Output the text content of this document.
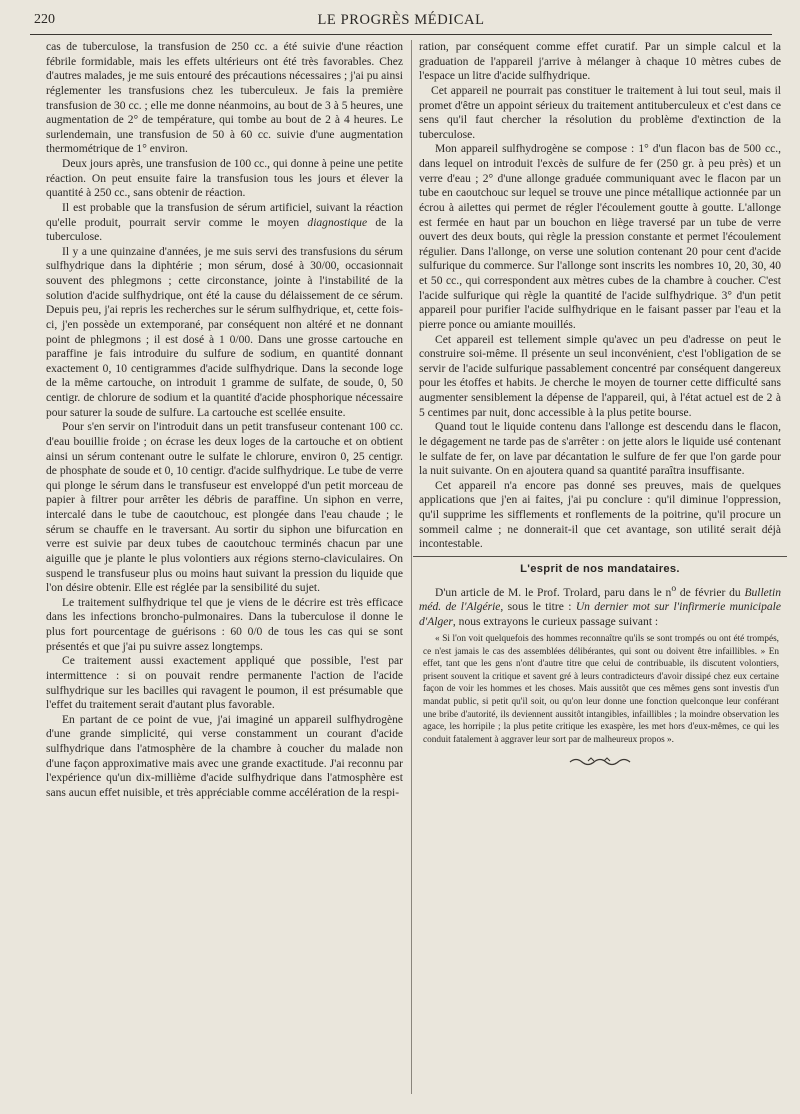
220	LE PROGRÈS MÉDICAL

cas de tuberculose, la transfusion de 250 cc. a été suivie d'une réaction fébrile formidable, mais les effets ultérieurs ont été très favorables. Chez d'autres malades, je me suis entouré des précautions nécessaires ; j'ai pu ainsi réglementer les transfusions chez les tuberculeux. Je fais la première transfusion de 30 cc. ; elle me donne néanmoins, au bout de 3 à 5 heures, une augmentation de 2° de température, qui tombe au bout de 2 à 4 heures. Le surlendemain, une transfusion de 50 à 60 cc. suivie d'une augmentation thermométrique de 1° environ.

Deux jours après, une transfusion de 100 cc., qui donne à peine une petite réaction. On peut ensuite faire la transfusion tous les jours et élever la quantité à 250 cc., sans obtenir de réaction.

Il est probable que la transfusion de sérum artificiel, suivant la réaction qu'elle produit, pourrait servir comme le moyen diagnostique de la tuberculose.

Il y a une quinzaine d'années, je me suis servi des transfusions du sérum sulfhydrique dans la diphtérie ; mon sérum, dosé à 30/00, occasionnait souvent des phlegmons ; cette circonstance, jointe à l'instabilité de la solution d'acide sulfhydrique, ont été la cause du délaissement de ce sérum. Depuis peu, j'ai repris les recherches sur le sérum sulfhydrique, et, cette fois-ci, j'en possède un extemporané, par conséquent non altéré et ne donnant point de phlegmons ; il est dosé à 1 0/00. Dans une grosse cartouche en paraffine je fais introduire du sulfure de sodium, en quantité donnant exactement 0, 10 centigrammes d'acide sulfhydrique. Dans la seconde loge de la même cartouche, on introduit 1 gramme de sulfate, de soude, 0, 50 centigr. de chlorure de sodium et la quantité d'acide phosphorique nécessaire pour saturer la soude de sulfure. La cartouche est scellée ensuite.

Pour s'en servir on l'introduit dans un petit transfuseur contenant 100 cc. d'eau bouillie froide ; on écrase les deux loges de la cartouche et on obtient ainsi un sérum contenant outre le sulfate le chlorure, environ 0, 25 centigr. de phosphate de soude et 0, 10 centigr. d'acide sulfhydrique. Le tube de verre qui plonge le sérum dans le transfuseur est enveloppé d'un petit morceau de papier à filtrer pour arrêter les débris de paraffine. Un siphon en verre, intercalé dans le tube de caoutchouc, est plongée dans l'eau chaude ; le sérum se chauffe en le traversant. Au sortir du siphon une bifurcation en verre est suivie par deux tubes de caoutchouc terminés chacun par une aiguille que je plante le plus volontiers aux régions sterno-claviculaires. On suspend le transfuseur plus ou moins haut suivant la pression du liquide que l'on désire obtenir. Elle est réglée par la sensibilité du sujet.

Le traitement sulfhydrique tel que je viens de le décrire est très efficace dans les infections broncho-pulmonaires. Dans la tuberculose il donne le plus fort pourcentage de guérisons : 60 0/0 de tous les cas qui se sont présentés et que j'ai pu suivre assez longtemps.

Ce traitement aussi exactement appliqué que possible, l'est par intermittence : si on pouvait rendre permanente l'action de l'acide sulfhydrique sur les bacilles qui ravagent le poumon, il est présumable que l'effet du traitement serait d'autant plus favorable.

En partant de ce point de vue, j'ai imaginé un appareil sulfhydrogène d'une grande simplicité, qui verse constamment un courant d'acide sulfhydrique dans l'atmosphère de la chambre à coucher du malade non d'une façon approximative mais avec une grande exactitude. J'ai reconnu par l'expérience qu'un dix-millième d'acide sulfhydrique dans l'atmosphère est sans aucun effet nuisible, et très appréciable comme accélération de la respi-

ration, par conséquent comme effet curatif. Par un simple calcul et la graduation de l'appareil j'arrive à mélanger à chaque 10 mètres cubes de l'espace un litre d'acide sulfhydrique.

Cet appareil ne pourrait pas constituer le traitement à lui tout seul, mais il promet d'être un appoint sérieux du traitement antituberculeux et c'est dans ce sens qu'il faut chercher la résolution du problème d'extinction de la tuberculose.

Mon appareil sulfhydrogène se compose : 1° d'un flacon bas de 500 cc., dans lequel on introduit l'excès de sulfure de fer (250 gr. à peu près) et un verre d'eau ; 2° d'une allonge graduée communiquant avec le flacon par un tube en caoutchouc sur lequel se trouve une pince métallique actionnée par un écrou à ailettes qui permet de régler l'écoulement goutte à goutte. L'allonge est fermée en haut par un bouchon en liège traversé par un tube de verre ouvert des deux bouts, qui règle la pression constante et permet l'écoulement régulier. Dans l'allonge, on verse une solution contenant 20 pour cent d'acide sulfurique du commerce. Sur l'allonge sont inscrits les nombres 10, 20, 30, 40 et 50 cc., qui correspondent aux mètres cubes de la chambre à coucher. C'est l'acide sulfurique qui règle la quantité de l'acide sulfhydrique. 3° d'un petit appareil pour purifier l'acide sulfhydrique en le faisant passer par l'eau et la pierre ponce ou amiante mouillés.

Cet appareil est tellement simple qu'avec un peu d'adresse on peut le construire soi-même. Il présente un seul inconvénient, c'est l'obligation de se servir de l'acide sulfurique passablement concentré par conséquent dangereux pour les étoffes et habits. Je cherche le moyen de tourner cette difficulté sans augmenter sensiblement la dépense de l'appareil, qui, à l'état actuel est de 2 à 5 centimes par nuit, donc accessible à la plus petite bourse.

Quand tout le liquide contenu dans l'allonge est descendu dans le flacon, le dégagement ne tarde pas de s'arrêter : on jette alors le liquide usé contenant le sulfate de fer, on lave par décantation le sulfure de fer que l'on garde pour la nuit suivante. On en ajoutera quand sa quantité paraîtra insuffisante.

Cet appareil n'a encore pas donné ses preuves, mais de quelques applications que j'en ai faites, j'ai pu conclure : qu'il diminue l'oppression, qu'il supprime les sifflements et ronflements de la poitrine, qu'il procure un sommeil calme ; ne donnerait-il que cet avantage, son utilité serait déjà incontestable.

L'esprit de nos mandataires.

D'un article de M. le Prof. Trolard, paru dans le $n^o$ de février du Bulletin méd. de l'Algérie, sous le titre : Un dernier mot sur l'infirmerie municipale d'Alger, nous extrayons le curieux passage suivant :

« Si l'on voit quelquefois des hommes reconnaître qu'ils se sont trompés ou ont été trompés, ce n'est jamais le cas des assemblées délibérantes, qui sont ou doivent être infaillibles. » En effet, tant que les gens n'ont d'autre titre que celui de contribuable, ils discutent volontiers, prisent souvent la critique et savent gré à leurs contradicteurs d'avoir dissipé chez eux certaine façon de voir les hommes et les choses. Mais aussitôt que ces mêmes gens sont investis d'un mandat public, si petit qu'il soit, ou qu'on leur donne une fonction quelconque leur conférant une bribe d'autorité, ils deviennent aussitôt intangibles, infaillibles ; la moindre observation les agace, les horripile ; la plus petite critique les exaspère, les met hors d'eux-mêmes, ce qui les conduit fatalement à aggraver leur sort par de malheureux propos ».
